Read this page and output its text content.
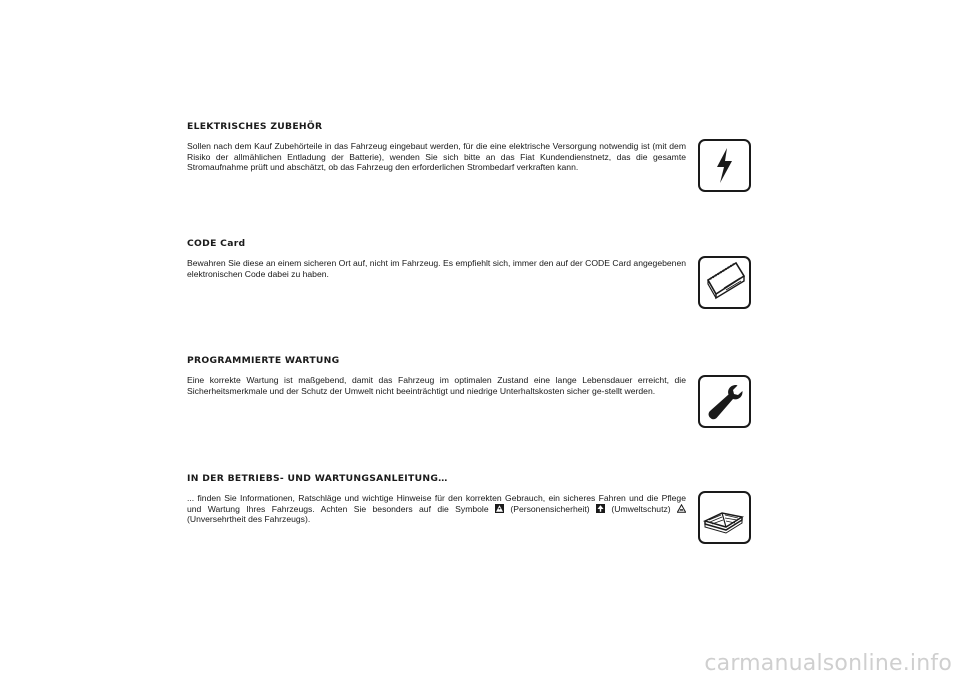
ELEKTRISCHES ZUBEHÖR

Sollen nach dem Kauf Zubehörteile in das Fahrzeug eingebaut werden, für die eine elektrische Versorgung notwendig ist (mit dem Risiko der allmählichen Entladung der Batterie), wenden Sie sich bitte an das Fiat Kundendienstnetz, das die gesamte Stromaufnahme prüft und abschätzt, ob das Fahrzeug den erforderlichen Strombedarf verkraften kann.

CODE Card

Bewahren Sie diese an einem sicheren Ort auf, nicht im Fahrzeug. Es empfiehlt sich, immer den auf der CODE Card angegebenen elektronischen Code dabei zu haben.

PROGRAMMIERTE WARTUNG

Eine korrekte Wartung ist maßgebend, damit das Fahrzeug im optimalen Zustand eine lange Lebensdauer erreicht, die Sicherheitsmerkmale und der Schutz der Umwelt nicht beeinträchtigt und niedrige Unterhaltskosten sicher ge-stellt werden.

IN DER BETRIEBS- UND WARTUNGSANLEITUNG…

... finden Sie Informationen, Ratschläge und wichtige Hinweise für den korrekten Gebrauch, ein sicheres Fahren und die Pflege und Wartung Ihres Fahrzeugs. Achten Sie besonders auf die Symbole	(Personensicherheit)	(Umweltschutz)
(Unversehrtheit des Fahrzeugs).

carmanualsonline.info
